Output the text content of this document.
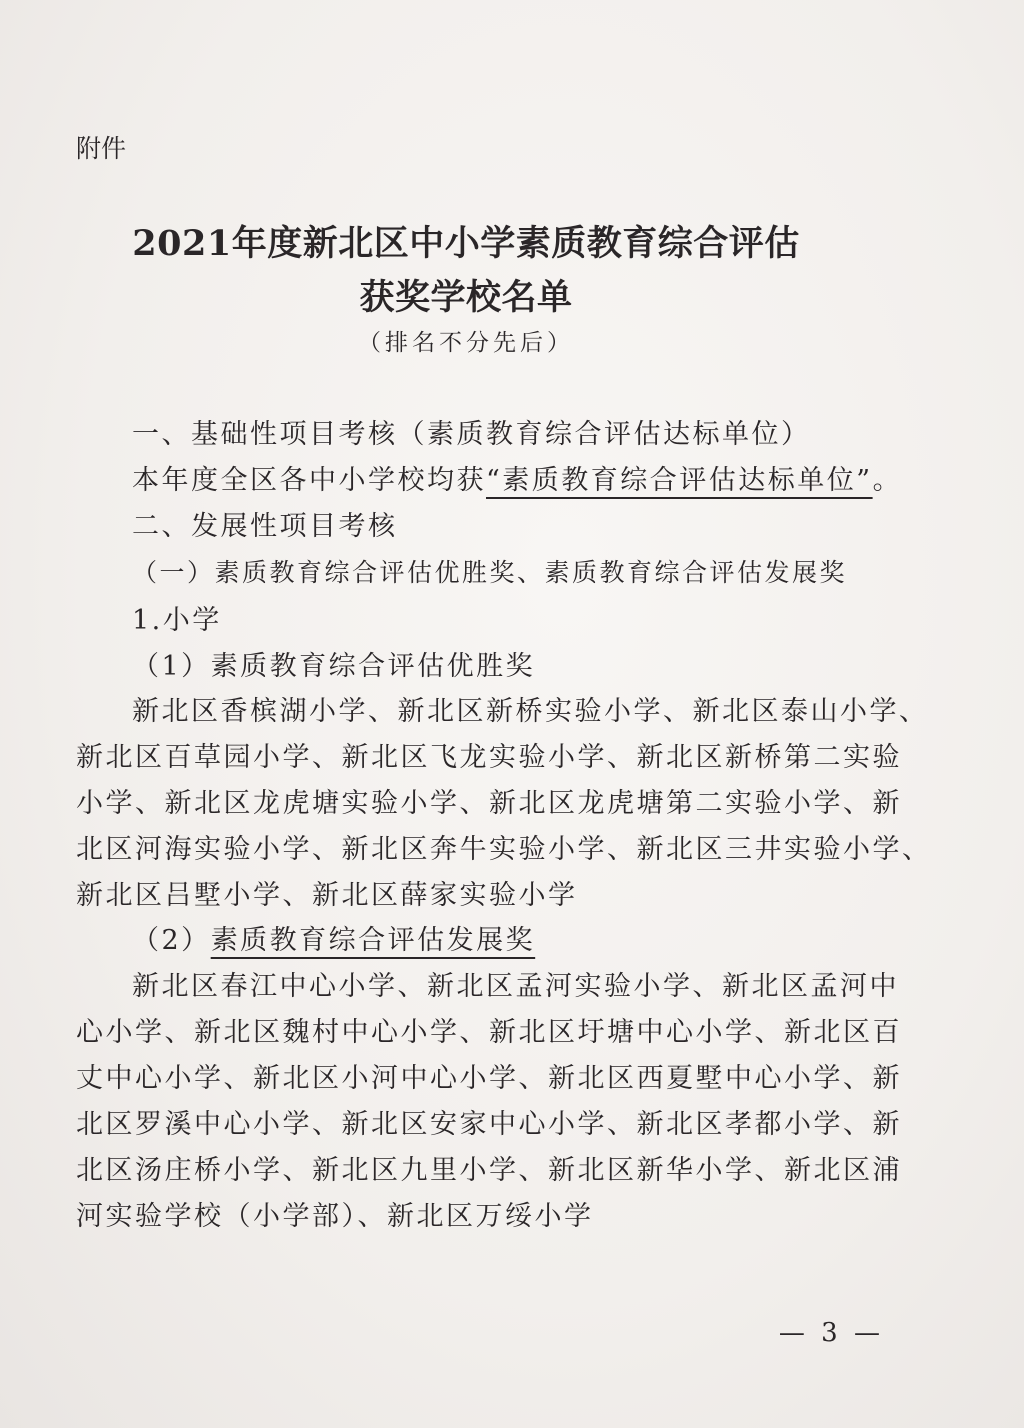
附件
2021年度新北区中小学素质教育综合评估
获奖学校名单
（排名不分先后）
一、基础性项目考核（素质教育综合评估达标单位）
本年度全区各中小学校均获“素质教育综合评估达标单位”。
二、发展性项目考核
（一）素质教育综合评估优胜奖、素质教育综合评估发展奖
1.小学
（1）素质教育综合评估优胜奖
新北区香槟湖小学、新北区新桥实验小学、新北区泰山小学、
新北区百草园小学、新北区飞龙实验小学、新北区新桥第二实验
小学、新北区龙虎塘实验小学、新北区龙虎塘第二实验小学、新
北区河海实验小学、新北区奔牛实验小学、新北区三井实验小学、
新北区吕墅小学、新北区薛家实验小学
（2）素质教育综合评估发展奖
新北区春江中心小学、新北区孟河实验小学、新北区孟河中
心小学、新北区魏村中心小学、新北区圩塘中心小学、新北区百
丈中心小学、新北区小河中心小学、新北区西夏墅中心小学、新
北区罗溪中心小学、新北区安家中心小学、新北区孝都小学、新
北区汤庄桥小学、新北区九里小学、新北区新华小学、新北区浦
河实验学校（小学部）、新北区万绥小学
— 3 —
